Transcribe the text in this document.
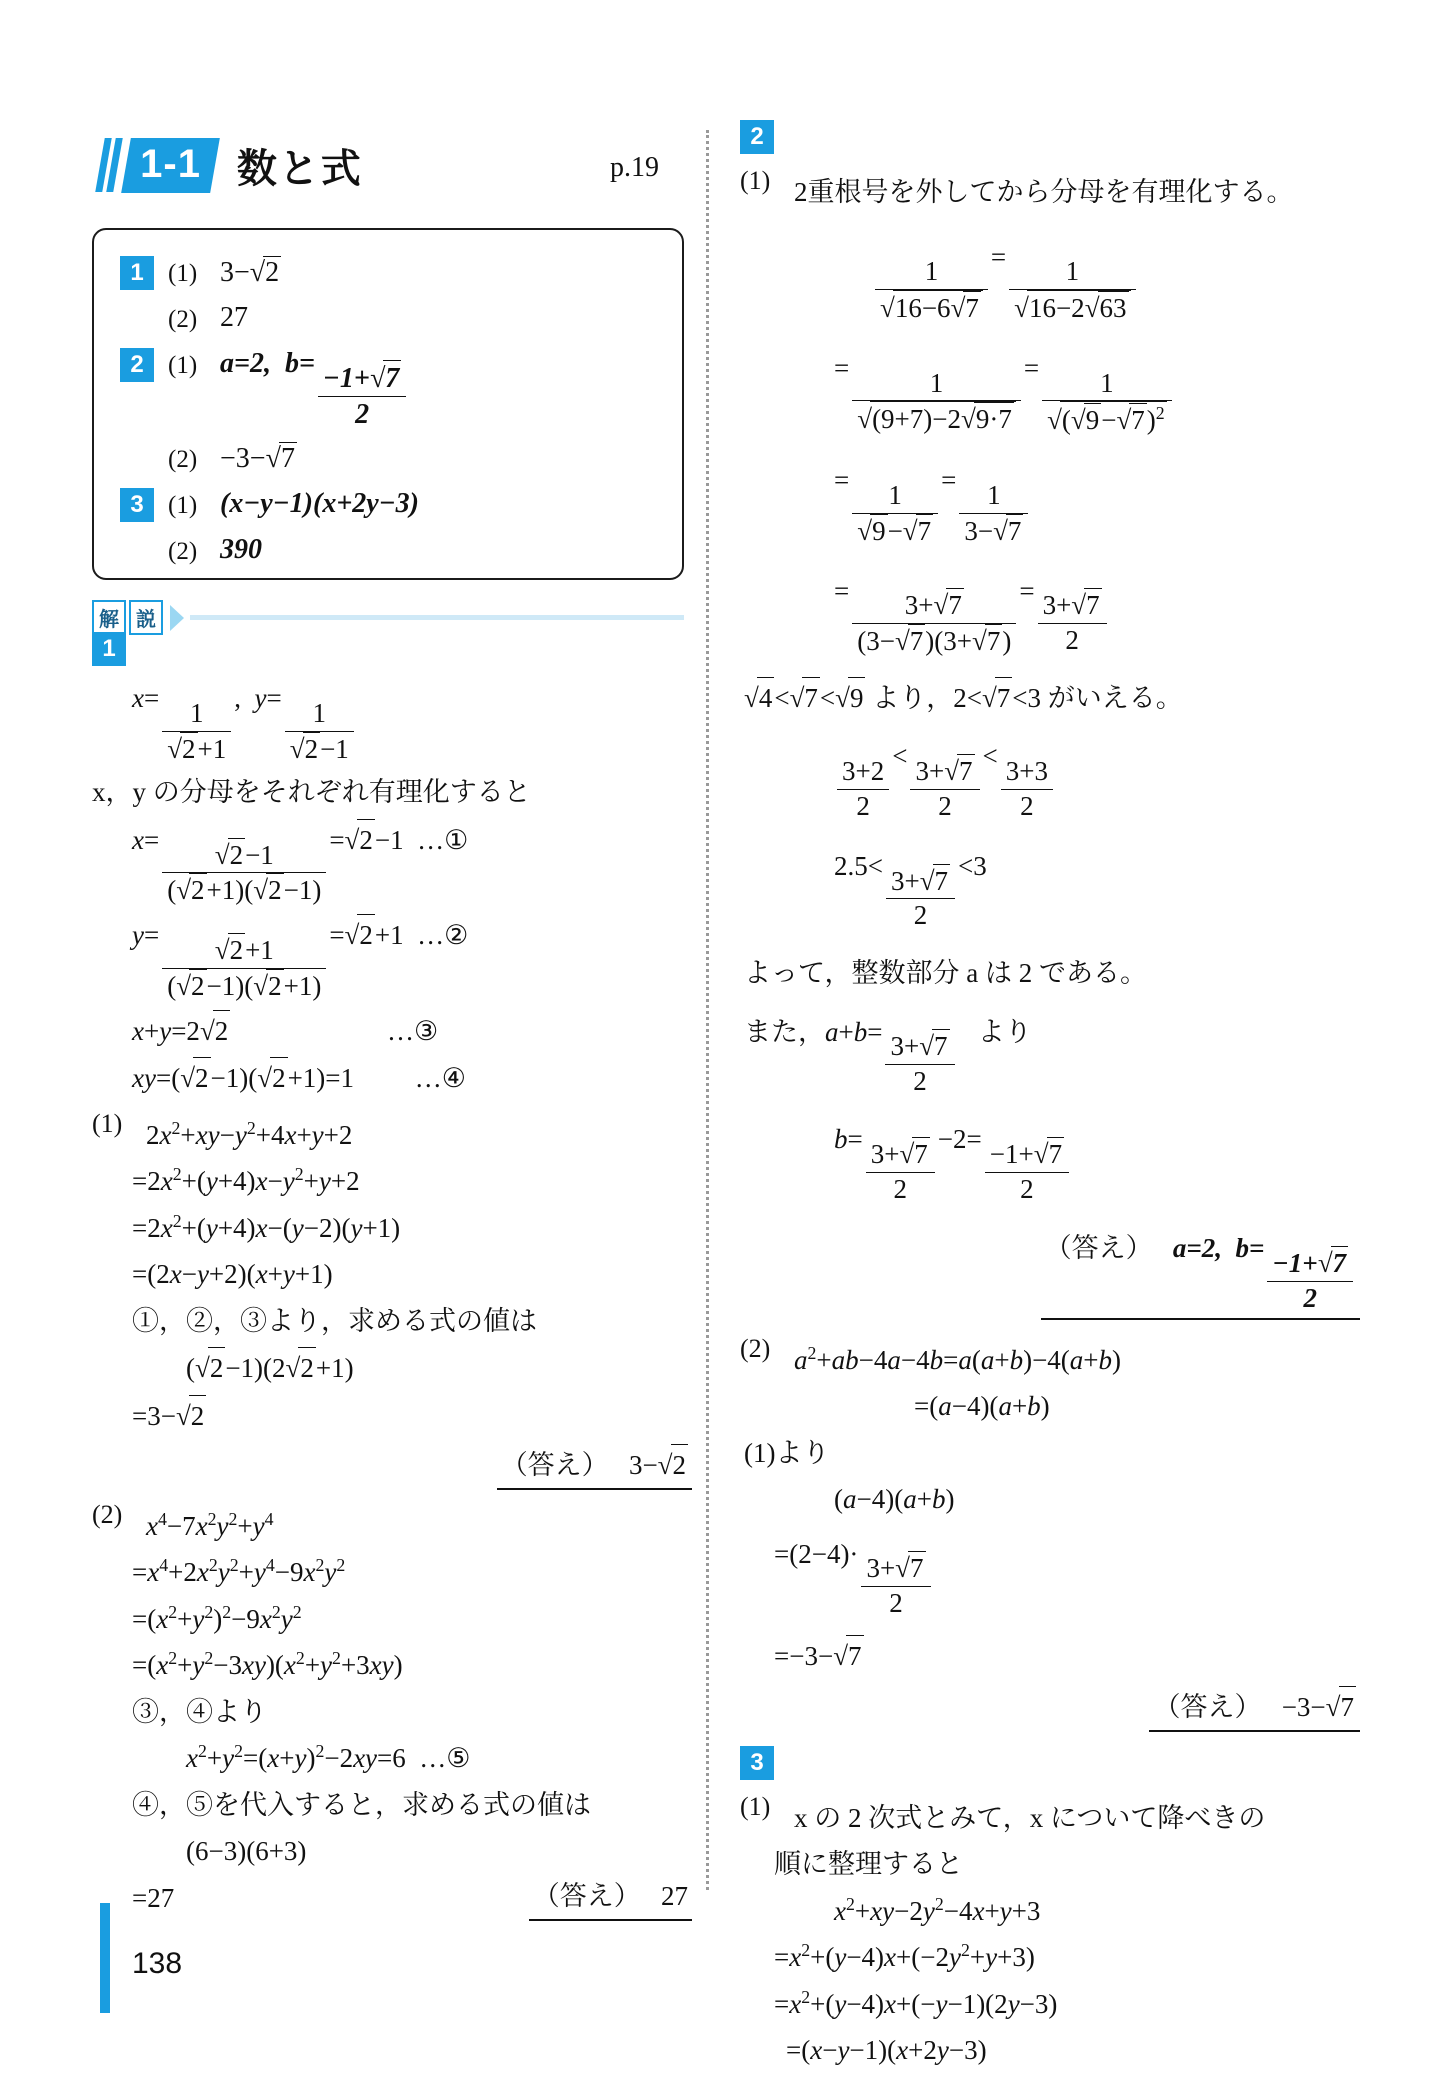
1-1 数と式	p.19
1 (1) 3−√2
(2) 27
2 (1) a=2,  $b= \frac{-1+√7}{2}$
(2) −3−√7
3 (1) (x−y−1)(x+2y−3)
(2) 390
解 説
1
$x= \frac{1}{√2+1}$ ,  $y= \frac{1}{√2-1}$
x，y の分母をそれぞれ有理化すると
$x= \frac{√2-1}{(√2+1)(√2-1)} =√2-1$  …①
$y= \frac{√2+1}{(√2-1)(√2+1)} =√2+1$  …②
x+y=2√2	…③
xy=(√2−1)(√2+1)=1 …④
(1) $2x^2+xy-y^2+4x+y+2$
$=2x^2+(y+4)x-y^2+y+2$
$=2x^2+(y+4)x-(y-2)(y+1)$
=(2x−y+2)(x+y+1)
①，②，③より，求める式の値は
(√2−1)(2√2+1)
=3−√2
（答え）   3−√2
(2) $x^4-7x^2y^2+y^4$
$=x^4+2x^2y^2+y^4-9x^2y^2$
$=(x^2+y^2)^2-9x^2y^2$
$=(x^2+y^2-3xy)(x^2+y^2+3xy)$
③，④より
$x^2+y^2=(x+y)^2-2xy=6$  …⑤
④，⑤を代入すると，求める式の値は
(6−3)(6+3)
=27	（答え） 27
2
(1) 2重根号を外してから分母を有理化する。
$\frac{1}{√16-6√7} = \frac{1}{√16-2√63}$
= $\frac{1}{√(9+7)-2√9\cdot 7} = \frac{1}{√(√9-√7)^2}$
= $\frac{1}{√9-√7} = \frac{1}{3-√7}$
= $\frac{3+√7}{(3-√7)(3+√7)} = \frac{3+√7}{2}$
√4<√7<√9 より，2<√7<3 がいえる。
$\frac{3+2}{2} < \frac{3+√7}{2} < \frac{3+3}{2}$
$2.5< \frac{3+√7}{2} <3$
よって，整数部分 a は 2 である。
また，$a+b= \frac{3+√7}{2}$ より
$b= \frac{3+√7}{2} -2= \frac{-1+√7}{2}$
（答え） a=2,  $b= \frac{-1+√7}{2}$
(2) $a^2+ab-4a-4b=a(a+b)-4(a+b)$
=(a−4)(a+b)
(1)より
(a−4)(a+b)
$=(2-4)\cdot \frac{3+√7}{2}$
=−3−√7
（答え）   −3−√7
3
(1) x の 2 次式とみて，x について降べきの
順に整理すると
$x^2+xy-2y^2-4x+y+3$
$=x^2+(y-4)x+(-2y^2+y+3)$
$=x^2+(y-4)x+(-y-1)(2y-3)$
=(x−y−1)(x+2y−3)
138
